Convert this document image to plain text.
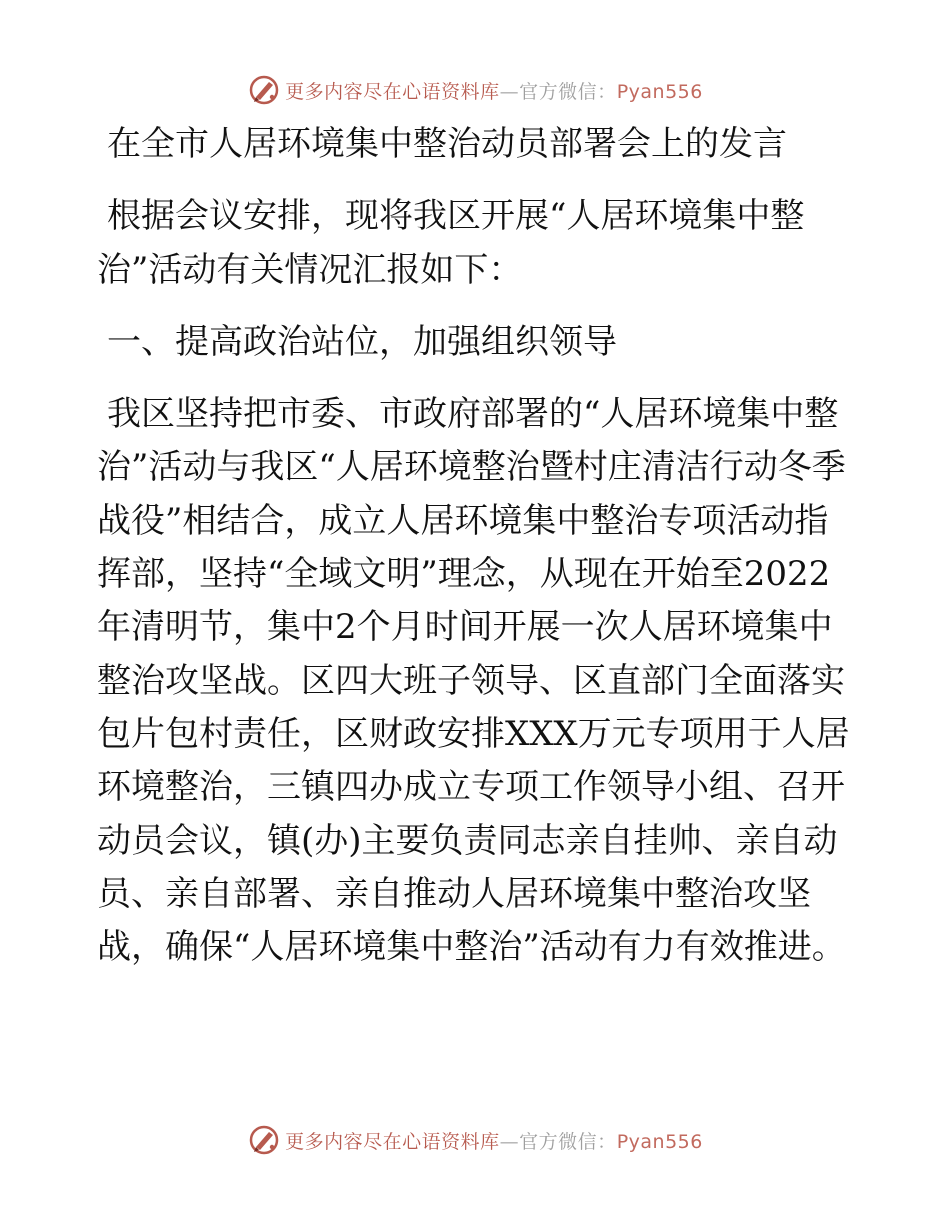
更多内容尽在心语资料库—官方微信：Pyan556

在全市人居环境集中整治动员部署会上的发言

根据会议安排，现将我区开展“人居环境集中整治”活动有关情况汇报如下：

一、提高政治站位，加强组织领导

我区坚持把市委、市政府部署的“人居环境集中整治”活动与我区“人居环境整治暨村庄清洁行动冬季战役”相结合，成立人居环境集中整治专项活动指挥部，坚持“全域文明”理念，从现在开始至2022年清明节，集中2个月时间开展一次人居环境集中整治攻坚战。区四大班子领导、区直部门全面落实包片包村责任，区财政安排XXX万元专项用于人居环境整治，三镇四办成立专项工作领导小组、召开动员会议，镇(办)主要负责同志亲自挂帅、亲自动员、亲自部署、亲自推动人居环境集中整治攻坚战，确保“人居环境集中整治”活动有力有效推进。

更多内容尽在心语资料库—官方微信：Pyan556
